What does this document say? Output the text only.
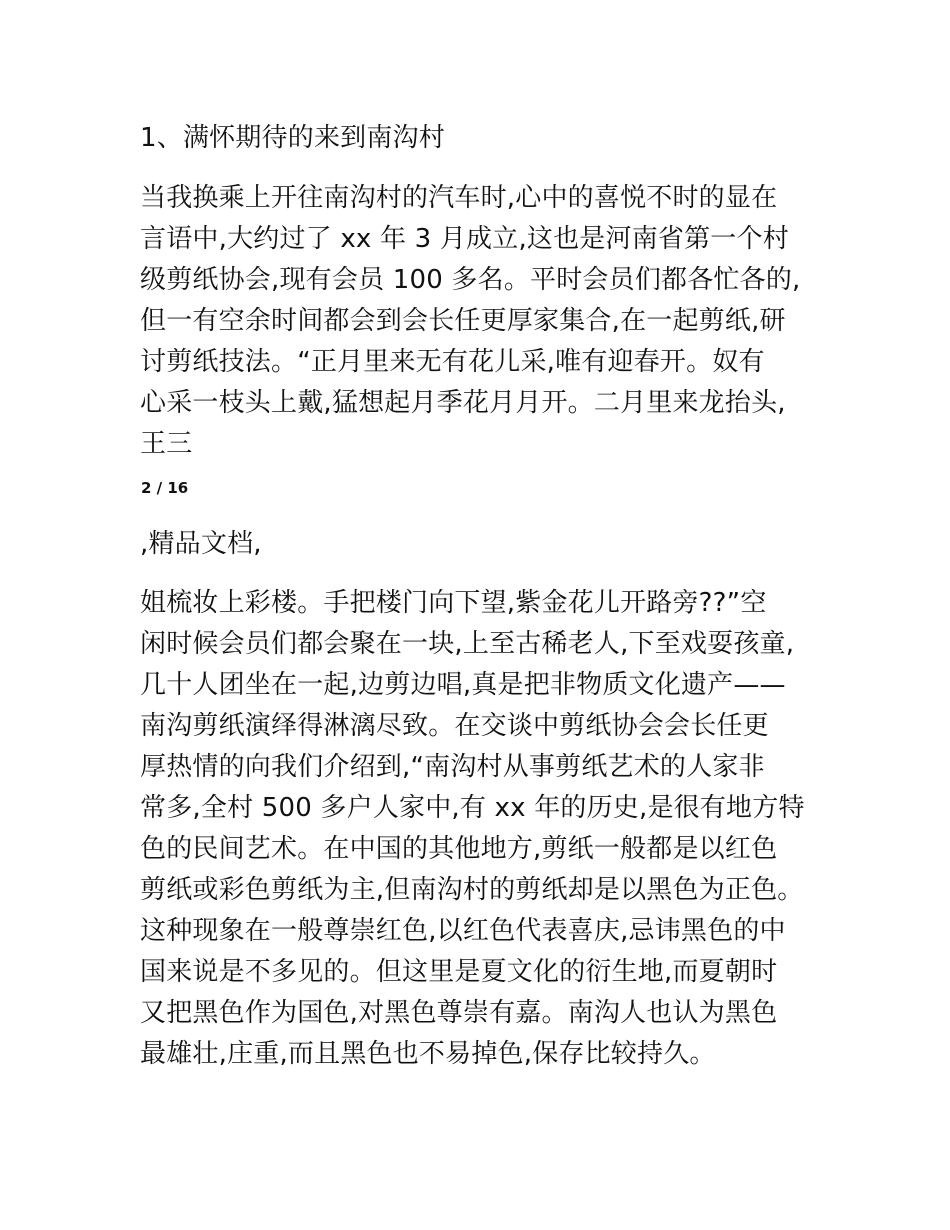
1、满怀期待的来到南沟村

当我换乘上开往南沟村的汽车时,心中的喜悦不时的显在

言语中,大约过了 xx 年 3 月成立,这也是河南省第一个村

级剪纸协会,现有会员 100 多名。平时会员们都各忙各的,

但一有空余时间都会到会长任更厚家集合,在一起剪纸,研

讨剪纸技法。“正月里来无有花儿采,唯有迎春开。奴有

心采一枝头上戴,猛想起月季花月月开。二月里来龙抬头,

王三

2 / 16

,精品文档,

姐梳妆上彩楼。手把楼门向下望,紫金花儿开路旁??”空

闲时候会员们都会聚在一块,上至古稀老人,下至戏耍孩童,

几十人团坐在一起,边剪边唱,真是把非物质文化遗产——

南沟剪纸演绎得淋漓尽致。在交谈中剪纸协会会长任更

厚热情的向我们介绍到,“南沟村从事剪纸艺术的人家非

常多,全村 500 多户人家中,有 xx 年的历史,是很有地方特

色的民间艺术。在中国的其他地方,剪纸一般都是以红色

剪纸或彩色剪纸为主,但南沟村的剪纸却是以黑色为正色。

这种现象在一般尊崇红色,以红色代表喜庆,忌讳黑色的中

国来说是不多见的。但这里是夏文化的衍生地,而夏朝时

又把黑色作为国色,对黑色尊崇有嘉。南沟人也认为黑色

最雄壮,庄重,而且黑色也不易掉色,保存比较持久。
